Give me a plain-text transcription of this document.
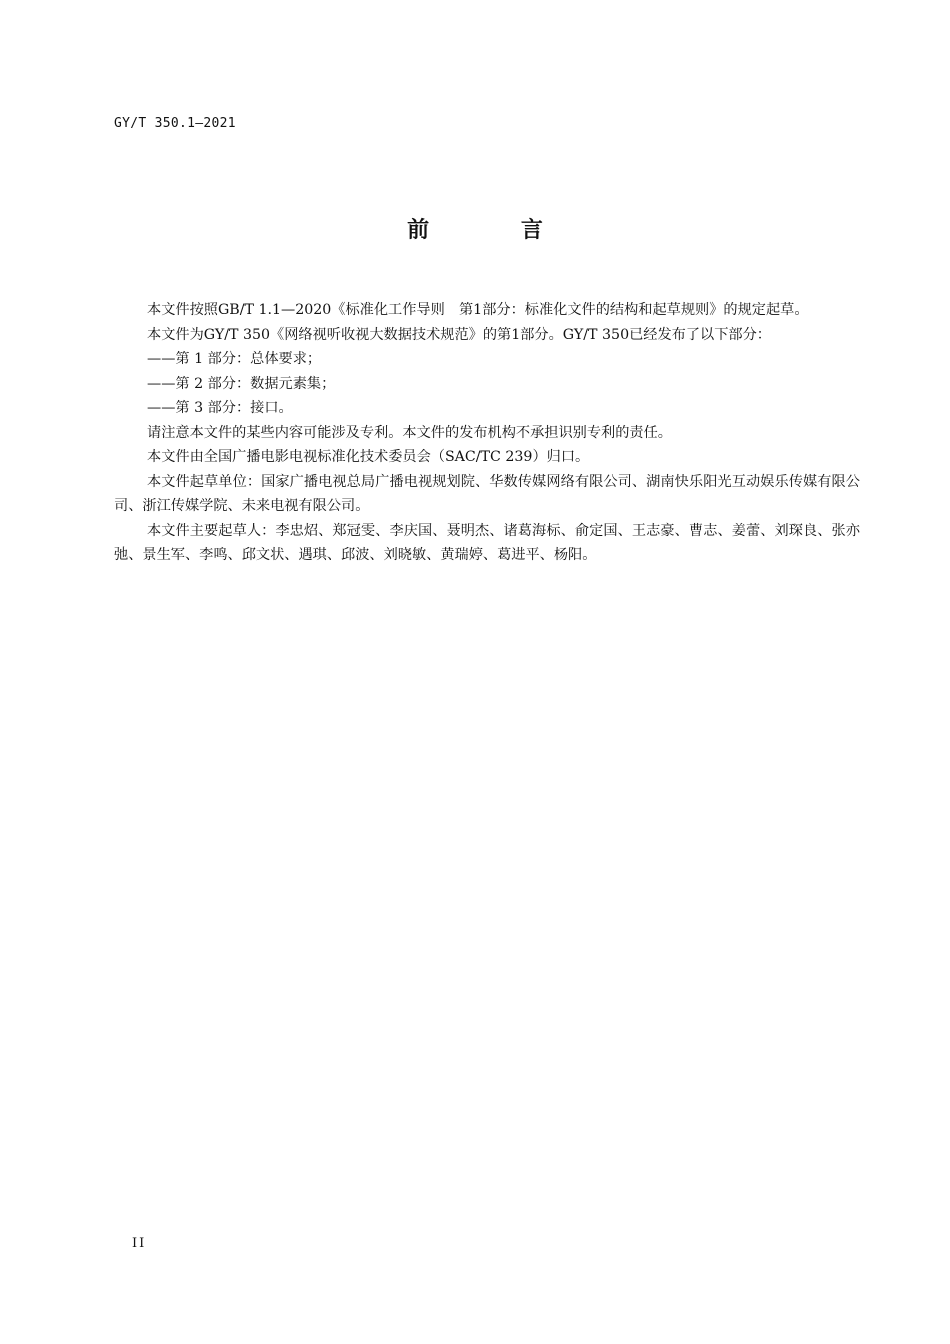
GY/T 350.1—2021
前 言

本文件按照GB/T 1.1—2020《标准化工作导则　第1部分：标准化文件的结构和起草规则》的规定起草。

本文件为GY/T 350《网络视听收视大数据技术规范》的第1部分。GY/T 350已经发布了以下部分：

——第 1 部分：总体要求；

——第 2 部分：数据元素集；

——第 3 部分：接口。

请注意本文件的某些内容可能涉及专利。本文件的发布机构不承担识别专利的责任。

本文件由全国广播电影电视标准化技术委员会（SAC/TC 239）归口。

本文件起草单位：国家广播电视总局广播电视规划院、华数传媒网络有限公司、湖南快乐阳光互动娱乐传媒有限公司、浙江传媒学院、未来电视有限公司。

本文件主要起草人：李忠炤、郑冠雯、李庆国、聂明杰、诸葛海标、俞定国、王志豪、曹志、姜蕾、刘琛良、张亦弛、景生军、李鸣、邱文状、遇琪、邱波、刘晓敏、黄瑞婷、葛进平、杨阳。

II
